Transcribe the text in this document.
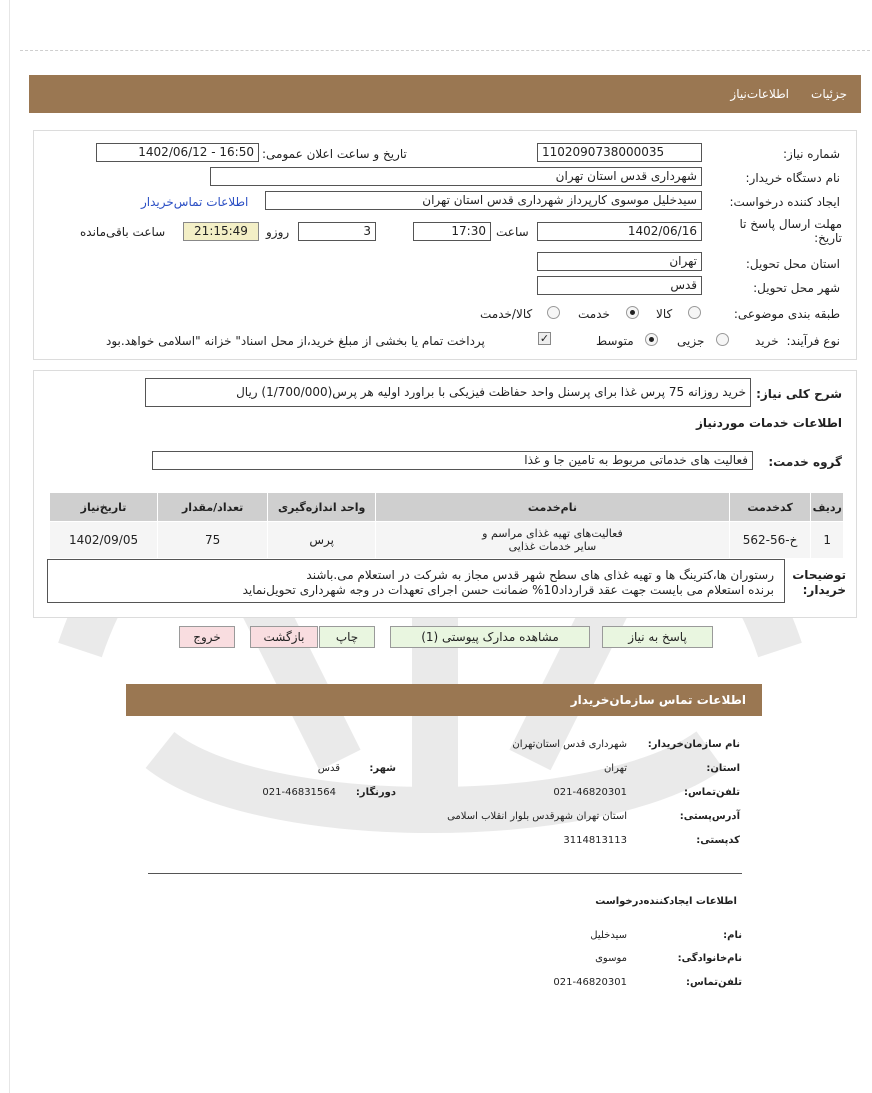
جزئیات
اطلاعات‌نیاز
شماره نیاز:
1102090738000035
تاریخ و ساعت اعلان عمومی:
1402/06/12 - 16:50
نام دستگاه خریدار:
شهرداری قدس استان تهران
ایجاد کننده درخواست:
سیدخلیل موسوی کارپرداز شهرداری قدس استان تهران
اطلاعات تماس‌خریدار
مهلت ارسال پاسخ تا تاریخ:
1402/06/16
ساعت
17:30
3
روزو
21:15:49
ساعت باقی‌مانده
استان محل تحویل:
تهران
شهر محل تحویل:
قدس
طبقه بندی موضوعی:
کالا
خدمت
کالا/خدمت
نوع فرآیند:
خرید
جزیی
متوسط
✓
پرداخت تمام یا بخشی از مبلغ خرید،از محل اسناد" خزانه "اسلامی خواهد.بود
شرح کلی نیاز:
خرید روزانه 75 پرس غذا برای پرسنل واحد حفاظت فیزیکی با براورد اولیه هر پرس(1/700/000) ریال
اطلاعات خدمات موردنیاز
گروه خدمت:
فعالیت های خدماتی مربوط به تامین جا و غذا
ردیف	کدخدمت	نام‌خدمت	واحد اندازه‌گیری	تعداد/مقدار	تاریخ‌نیاز
1	خ-56-562	فعالیت‌های تهیه غذای مراسم و سایر خدمات غذایی	پرس	75	1402/09/05
توضیحات خریدار:
رستوران ها،کترینگ ها و تهیه غذای های سطح شهر قدس مجاز به شرکت در استعلام می.باشند
برنده استعلام می بایست جهت عقد قرارداد10% ضمانت حسن اجرای تعهدات در وجه شهرداری تحویل‌نماید
پاسخ به نیاز
مشاهده مدارک پیوستی (1)
چاپ
بازگشت
خروج
اطلاعات تماس سازمان‌خریدار
نام سازمان‌خریدار:
شهرداری قدس استان‌تهران
استان:
تهران
شهر:
قدس
تلفن‌تماس:
021-46820301
دورنگار:
021-46831564
آدرس‌پستی:
استان تهران شهرقدس بلوار انقلاب اسلامی
کدپستی:
3114813113
اطلاعات ایجادکننده‌درخواست
نام:
سیدخلیل
نام‌خانوادگی:
موسوی
تلفن‌تماس:
021-46820301
